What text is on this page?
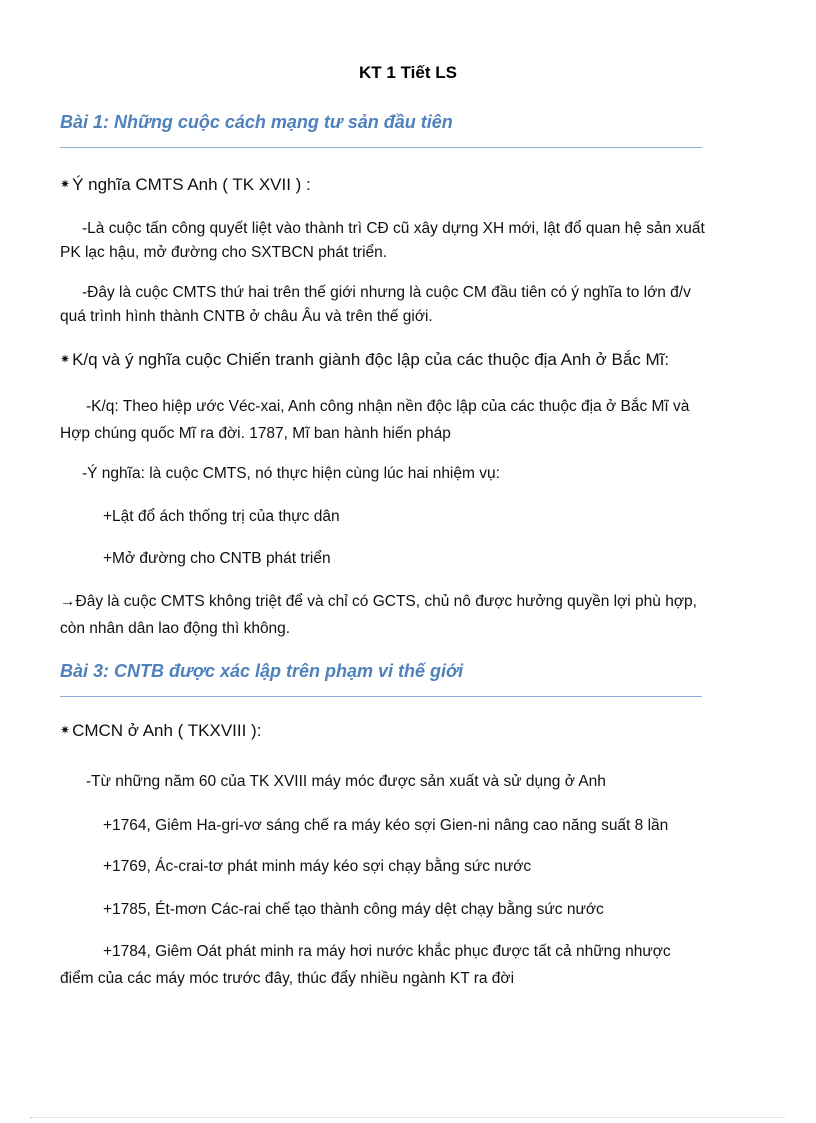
KT 1 Tiết LS
Bài 1: Những cuộc cách mạng tư sản đầu tiên
✷ Ý nghĩa CMTS Anh ( TK XVII ) :
-Là cuộc tấn công quyết liệt vào thành trì CĐ cũ xây dựng XH mới, lật đổ quan hệ sản xuất
PK lạc hậu, mở đường cho SXTBCN phát triển.
-Đây là cuộc CMTS thứ hai trên thế giới nhưng là cuộc CM đầu tiên có ý nghĩa to lớn đ/v
quá trình hình thành CNTB ở châu Âu và trên thế giới.
✷ K/q và ý nghĩa cuộc Chiến tranh giành độc lập của các thuộc địa Anh ở Bắc Mĩ:
-K/q: Theo hiệp ước Véc-xai, Anh công nhận nền độc lập của các thuộc địa ở Bắc Mĩ và
Hợp chúng quốc Mĩ ra đời. 1787, Mĩ ban hành hiến pháp
-Ý nghĩa: là cuộc CMTS, nó thực hiện cùng lúc hai nhiệm vụ:
+Lật đổ ách thống trị của thực dân
+Mở đường cho CNTB phát triển
→Đây là cuộc CMTS không triệt để và chỉ có GCTS, chủ nô được hưởng quyền lợi phù hợp,
còn nhân dân lao động thì không.
Bài 3: CNTB được xác lập trên phạm vi thế giới
✷ CMCN ở Anh ( TKXVIII ):
-Từ những năm 60 của TK XVIII máy móc được sản xuất và sử dụng ở Anh
+1764, Giêm Ha-gri-vơ sáng chế ra máy kéo sợi Gien-ni nâng cao năng suất 8 lần
+1769, Ác-crai-tơ phát minh máy kéo sợi chạy bằng sức nước
+1785, Ét-mơn Các-rai chế tạo thành công máy dệt chạy bằng sức nước
+1784, Giêm Oát phát minh ra máy hơi nước khắc phục được tất cả những nhược
điểm của các máy móc trước đây, thúc đẩy nhiều ngành KT ra đời
